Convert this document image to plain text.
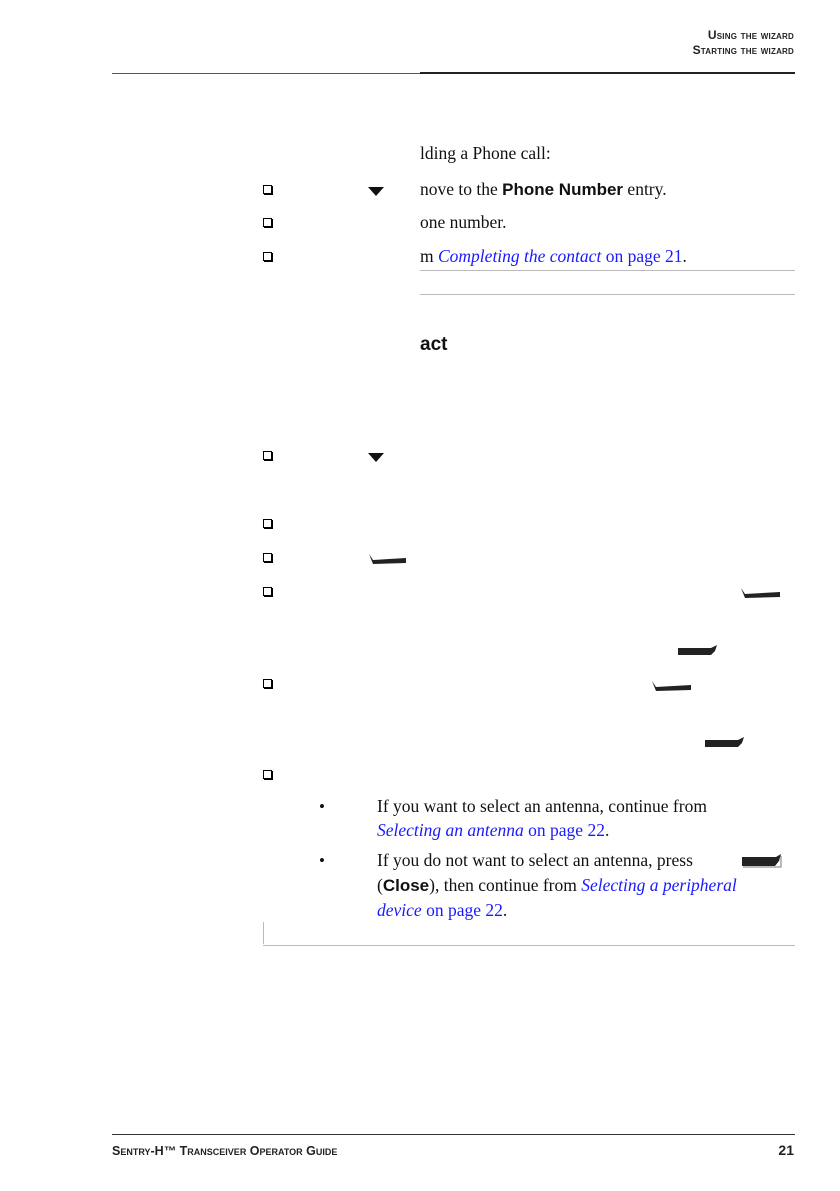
Using the wizard
Starting the wizard
lding a Phone call:
nove to the Phone Number entry.
one number.
m Completing the contact on page 21.
act
•	If you want to select an antenna, continue from
Selecting an antenna on page 22.
•	If you do not want to select an antenna, press
(Close), then continue from Selecting a peripheral
device on page 22.
Sentry-H™ Transceiver Operator Guide	21
